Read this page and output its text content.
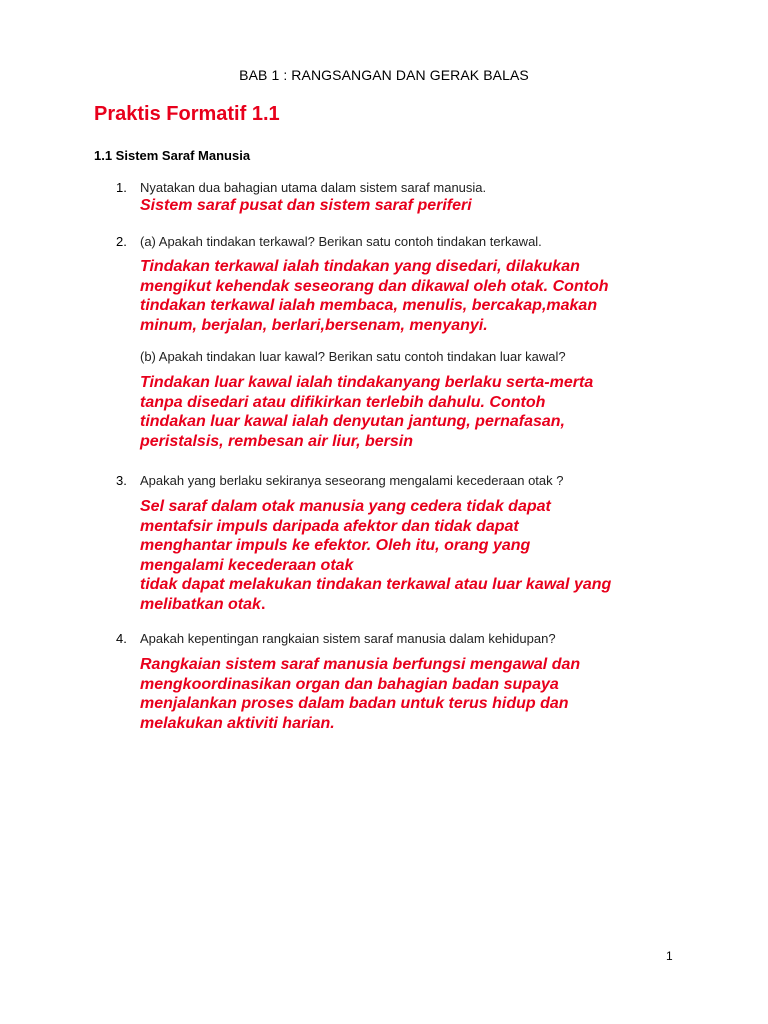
BAB 1 : RANGSANGAN DAN GERAK BALAS
Praktis Formatif 1.1
1.1 Sistem Saraf Manusia
1. Nyatakan dua bahagian utama dalam sistem saraf manusia.
Sistem saraf pusat dan sistem saraf periferi
2. (a) Apakah tindakan terkawal? Berikan satu contoh tindakan terkawal.
Tindakan terkawal ialah tindakan yang disedari, dilakukan
mengikut kehendak seseorang dan dikawal oleh otak. Contoh
tindakan terkawal ialah membaca, menulis, bercakap,makan
minum, berjalan, berlari,bersenam, menyanyi.
(b) Apakah tindakan luar kawal? Berikan satu contoh tindakan luar kawal?
Tindakan luar kawal ialah tindakanyang berlaku serta-merta
tanpa disedari atau difikirkan terlebih dahulu. Contoh
tindakan luar kawal ialah denyutan jantung, pernafasan,
peristalsis, rembesan air liur, bersin
3. Apakah yang berlaku sekiranya seseorang mengalami kecederaan otak ?
Sel saraf dalam otak manusia yang cedera tidak dapat
mentafsir impuls daripada afektor dan tidak dapat
menghantar impuls ke efektor. Oleh itu, orang yang
mengalami kecederaan otak
tidak dapat melakukan tindakan terkawal atau luar kawal yang
melibatkan otak.
4. Apakah kepentingan rangkaian sistem saraf manusia dalam kehidupan?
Rangkaian sistem saraf manusia berfungsi mengawal dan
mengkoordinasikan organ dan bahagian badan supaya
menjalankan proses dalam badan untuk terus hidup dan
melakukan aktiviti harian.
1
